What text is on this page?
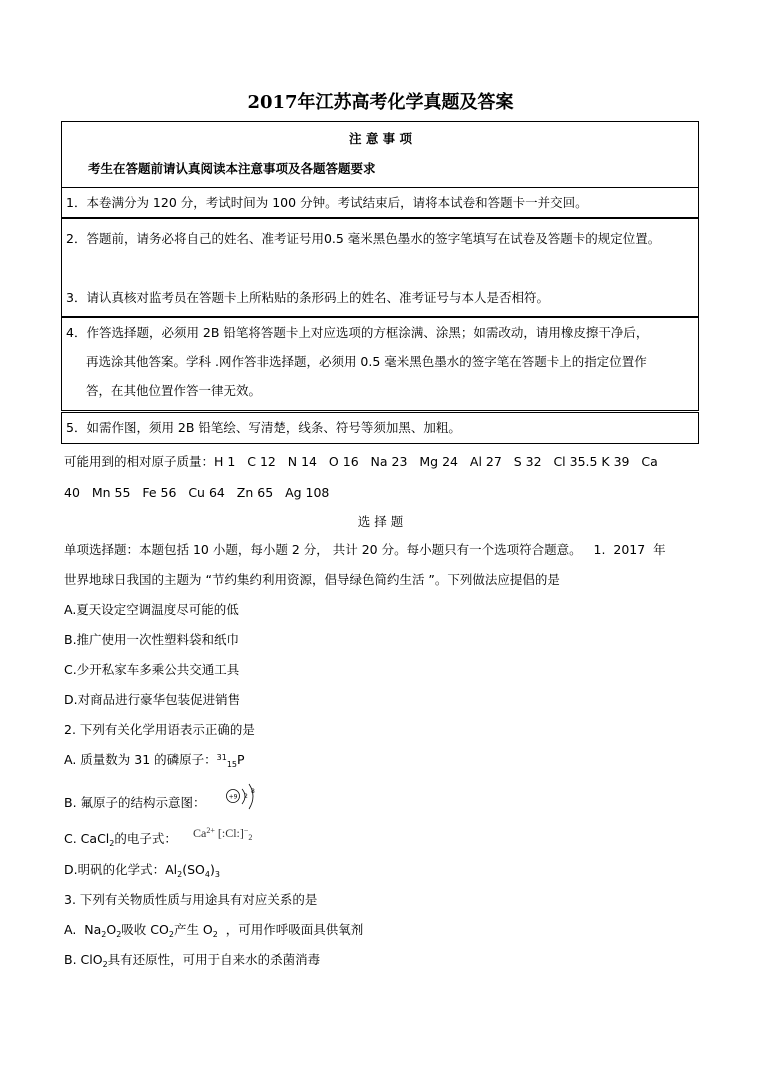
2017年江苏高考化学真题及答案
注 意 事 项
考生在答题前请认真阅读本注意事项及各题答题要求
1．本卷满分为 120 分，考试时间为 100 分钟。考试结束后，请将本试卷和答题卡一并交回。
2．答题前，请务必将自己的姓名、准考证号用0.5 毫米黑色墨水的签字笔填写在试卷及答题卡的规定位置。
3．请认真核对监考员在答题卡上所粘贴的条形码上的姓名、准考证号与本人是否相符。
4．作答选择题，必须用 2B 铅笔将答题卡上对应选项的方框涂满、涂黑；如需改动，请用橡皮擦干净后，
再选涂其他答案。学科 .网作答非选择题，必须用 0.5 毫米黑色墨水的签字笔在答题卡上的指定位置作
答，在其他位置作答一律无效。
5．如需作图，须用 2B 铅笔绘、写清楚，线条、符号等须加黑、加粗。
可能用到的相对原子质量：H 1   C 12   N 14   O 16   Na 23   Mg 24   Al 27   S 32   Cl 35.5 K 39   Ca
40   Mn 55   Fe 56   Cu 64   Zn 65   Ag 108
选 择 题
单项选择题：本题包括 10 小题，每小题 2 分， 共计 20 分。每小题只有一个选项符合题意。   1.  2017  年
世界地球日我国的主题为 “节约集约利用资源，倡导绿色简约生活 ”。下列做法应提倡的是
A.夏天设定空调温度尽可能的低
B.推广使用一次性塑料袋和纸巾
C.少开私家车多乘公共交通工具
D.对商品进行豪华包装促进销售
2. 下列有关化学用语表示正确的是
A. 质量数为 31 的磷原子：$^{31}_{15}$P
B. 氟原子的结构示意图：	+9 2
8
C. CaCl$_2$的电子式： $Ca^{2+}$ $[:Cl:]^-_2$
D.明矾的化学式：$Al_2(SO_4)_3$
3. 下列有关物质性质与用途具有对应关系的是
A.  $Na_2O_2$吸收 $CO_2$产生 $O_2$  ，可用作呼吸面具供氧剂
B. ClO$_2$具有还原性，可用于自来水的杀菌消毒
